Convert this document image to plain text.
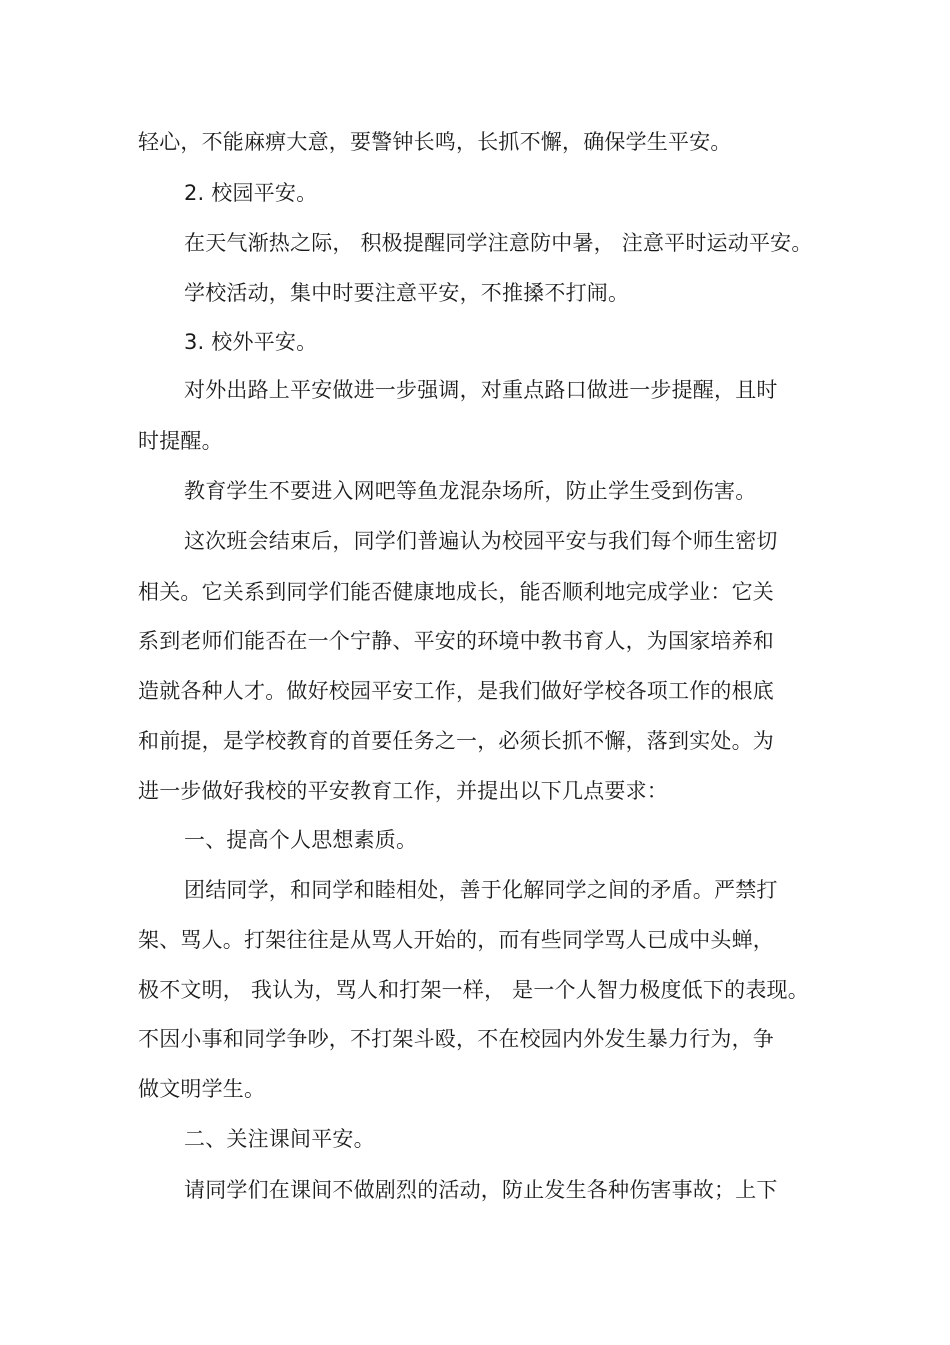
轻心，不能麻痹大意，要警钟长鸣，长抓不懈，确保学生平安。
2. 校园平安。
在天气渐热之际， 积极提醒同学注意防中暑， 注意平时运动平安。
学校活动，集中时要注意平安，不推搡不打闹。
3. 校外平安。
对外出路上平安做进一步强调，对重点路口做进一步提醒，且时
时提醒。
教育学生不要进入网吧等鱼龙混杂场所，防止学生受到伤害。
这次班会结束后，同学们普遍认为校园平安与我们每个师生密切
相关。它关系到同学们能否健康地成长，能否顺利地完成学业：它关
系到老师们能否在一个宁静、平安的环境中教书育人，为国家培养和
造就各种人才。做好校园平安工作，是我们做好学校各项工作的根底
和前提，是学校教育的首要任务之一，必须长抓不懈，落到实处。为
进一步做好我校的平安教育工作，并提出以下几点要求：
一、提高个人思想素质。
团结同学，和同学和睦相处，善于化解同学之间的矛盾。严禁打
架、骂人。打架往往是从骂人开始的，而有些同学骂人已成中头蝉，
极不文明， 我认为，骂人和打架一样， 是一个人智力极度低下的表现。
不因小事和同学争吵，不打架斗殴，不在校园内外发生暴力行为，争
做文明学生。
二、关注课间平安。
请同学们在课间不做剧烈的活动，防止发生各种伤害事故；上下
